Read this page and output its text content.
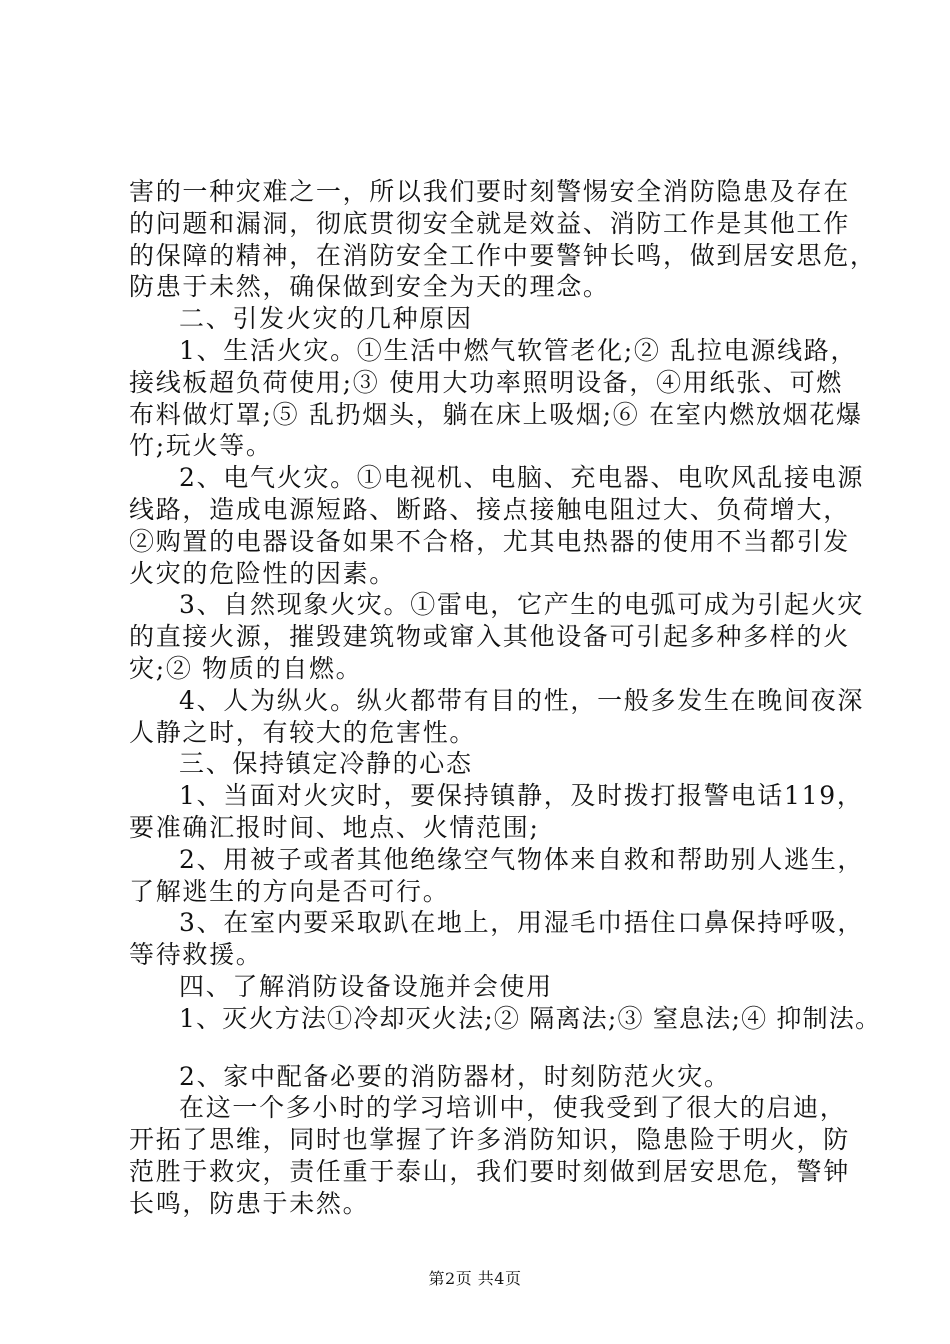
害的一种灾难之一，所以我们要时刻警惕安全消防隐患及存在
的问题和漏洞，彻底贯彻安全就是效益、消防工作是其他工作
的保障的精神，在消防安全工作中要警钟长鸣，做到居安思危，
防患于未然，确保做到安全为天的理念。
二、引发火灾的几种原因
1、生活火灾。①生活中燃气软管老化;② 乱拉电源线路，
接线板超负荷使用;③ 使用大功率照明设备，④用纸张、可燃
布料做灯罩;⑤ 乱扔烟头，躺在床上吸烟;⑥ 在室内燃放烟花爆
竹;玩火等。
2、电气火灾。①电视机、电脑、充电器、电吹风乱接电源
线路，造成电源短路、断路、接点接触电阻过大、负荷增大，
②购置的电器设备如果不合格，尤其电热器的使用不当都引发
火灾的危险性的因素。
3、自然现象火灾。①雷电，它产生的电弧可成为引起火灾
的直接火源，摧毁建筑物或窜入其他设备可引起多种多样的火
灾;② 物质的自燃。
4、人为纵火。纵火都带有目的性，一般多发生在晚间夜深
人静之时，有较大的危害性。
三、保持镇定冷静的心态
1、当面对火灾时，要保持镇静，及时拨打报警电话119，
要准确汇报时间、地点、火情范围;
2、用被子或者其他绝缘空气物体来自救和帮助别人逃生，
了解逃生的方向是否可行。
3、在室内要采取趴在地上，用湿毛巾捂住口鼻保持呼吸，
等待救援。
四、了解消防设备设施并会使用
1、灭火方法①冷却灭火法;② 隔离法;③ 窒息法;④ 抑制法。
2、家中配备必要的消防器材，时刻防范火灾。
在这一个多小时的学习培训中，使我受到了很大的启迪，
开拓了思维，同时也掌握了许多消防知识，隐患险于明火，防
范胜于救灾，责任重于泰山，我们要时刻做到居安思危，警钟
长鸣，防患于未然。
第2页 共4页
